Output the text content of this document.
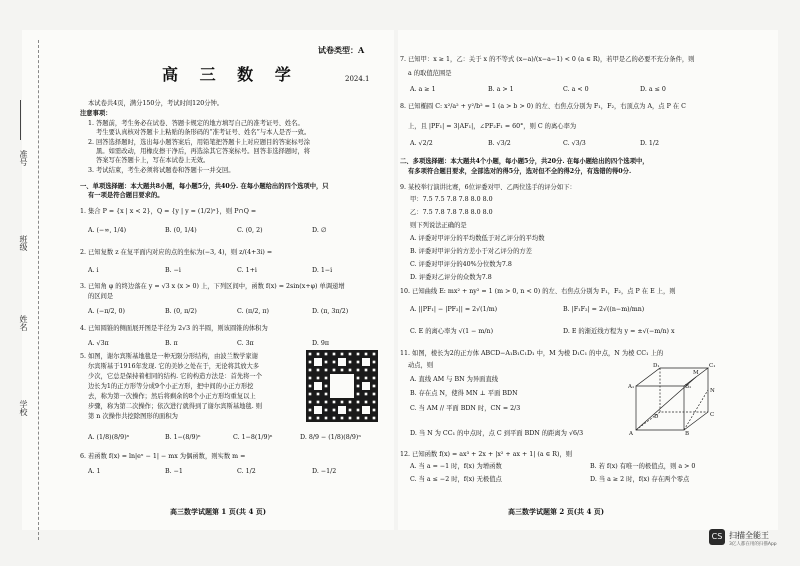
准号
班级
姓名
学校
试卷类型：A
高 三 数 学	2024.1
本试卷共4页，满分150分，考试时间120分钟。
注意事项：
1. 答题前，考生务必在试卷、答题卡规定的地方填写自己的准考证号、姓名。
考生要认真核对答题卡上粘贴的条形码的“准考证号、姓名”与本人是否一致。
2. 回答选择题时，选出每小题答案后，用铅笔把答题卡上对应题目的答案标号涂
黑。如需改动，用橡皮擦干净后，再选涂其它答案标号。回答非选择题时，将
答案写在答题卡上，写在本试卷上无效。
3. 考试结束，考生必须将试题卷和答题卡一并交回。
一、单项选择题：本大题共8小题，每小题5分，共40分. 在每小题给出的四个选项中，只
有一项是符合题目要求的。
1. 集合 P = {x | x < 2}，Q = {y | y = (1/2)ˣ}，则 P∩Q =
A. (−∞, 1/4)	B. (0, 1/4)	C. (0, 2)	D. ∅
2. 已知复数 z 在复平面内对应的点的坐标为(−3, 4)，则 z/(4+3i) =
A. i	B. −i	C. 1+i	D. 1−i
3. 已知角 φ 的终边落在 y = √3 x (x > 0) 上，下列区间中，函数 f(x) = 2sin(x+φ) 单调递增
的区间是
A. (−π/2, 0)	B. (0, π/2)	C. (π/2, π)	D. (π, 3π/2)
4. 已知圆锥的侧面展开图是半径为 2√3 的半圆，则该圆锥的体积为
A. √3π	B. π	C. 3π	D. 9π
5. 如图，谢尔宾斯基地毯是一种无限分形结构，由波兰数学家谢
尔宾斯基于1916年发现. 它的美妙之处在于，无论将其放大多
少次，它总是保持着相同的结构. 它的构造方法是：首先将一个
边长为1的正方形等分成9个小正方形，把中间的小正方形挖
去，称为第一次操作；然后将剩余的8个小正方形均重复以上
步骤，称为第二次操作；依次进行就得到了谢尔宾斯基地毯. 则
第 n 次操作共挖除图形的面积为
A. (1/8)(8/9)ⁿ	B. 1−(8/9)ⁿ	C. 1−8(1/9)ⁿ	D. 8/9 − (1/8)(8/9)ⁿ
6. 若函数 f(x) = ln|eˣ − 1| − mx 为偶函数，则实数 m =
A. 1	B. −1	C. 1/2	D. −1/2
高三数学试题第 1 页(共 4 页)
7. 已知甲：x ≥ 1，乙：关于 x 的不等式 (x−a)/(x−a−1) < 0 (a ∈ R)，若甲是乙的必要不充分条件，则
a 的取值范围是
A. a ≥ 1	B. a > 1	C. a < 0	D. a ≤ 0
8. 已知椭圆 C: x²/a² + y²/b² = 1 (a > b > 0) 的左、右焦点分别为 F₁，F₂，右顶点为 A，点 P 在 C
上，且 |PF₁| = 3|AF₁|，∠PF₂F₁ = 60°，则 C 的离心率为
A. √2/2	B. √3/2	C. √3/3	D. 1/2
二、多项选择题：本大题共4个小题，每小题5分，共20分. 在每小题给出的四个选项中，
有多项符合题目要求，全部选对的得5分，选对但不全的得2分，有选错的得0分.
9. 某校举行演讲比赛，6位评委对甲、乙两位选手的评分如下：
甲：7.5 7.5 7.8 7.8 8.0 8.0
乙：7.5 7.8 7.8 7.8 8.0 8.0
则下列说法正确的是
A. 评委对甲评分的平均数低于对乙评分的平均数
B. 评委对甲评分的方差小于对乙评分的方差
C. 评委对甲评分的40%分位数为7.8
D. 评委对乙评分的众数为7.8
10. 已知曲线 E: mx² + ny² = 1 (m > 0, n < 0) 的左、右焦点分别为 F₁，F₂，点 P 在 E 上，则
A. ||PF₁| − |PF₂|| = 2√(1/m)	B. |F₁F₂| = 2√((n−m)/mn)
C. E 的离心率为 √(1 − m/n)	D. E 的渐近线方程为 y = ±√(−m/n) x
11. 如图，棱长为2的正方体 ABCD−A₁B₁C₁D₁ 中，M 为棱 D₁C₁ 的中点，N 为棱 CC₁ 上的
动点，则
A. 直线 AM 与 BN 为异面直线
B. 存在点 N，使得 MN ⊥ 平面 BDN
C. 当 AM // 平面 BDN 时，CN = 2/3
D. 当 N 为 CC₁ 的中点时，点 C 到平面 BDN 的距离为 √6/3
D₁	C₁
A₁	B₁
D	C
A	B
M
N
12. 已知函数 f(x) = ax³ + 2x + |x² + ax + 1| (a ∈ R)，则
A. 当 a = −1 时，f(x) 为增函数	B. 若 f(x) 有唯一的极值点，则 a > 0
C. 当 a ≤ −2 时，f(x) 无极值点	D. 当 a ≥ 2 时，f(x) 存在两个零点
高三数学试题第 2 页(共 4 页)
CS 扫描全能王
3亿人都在用的扫描App
